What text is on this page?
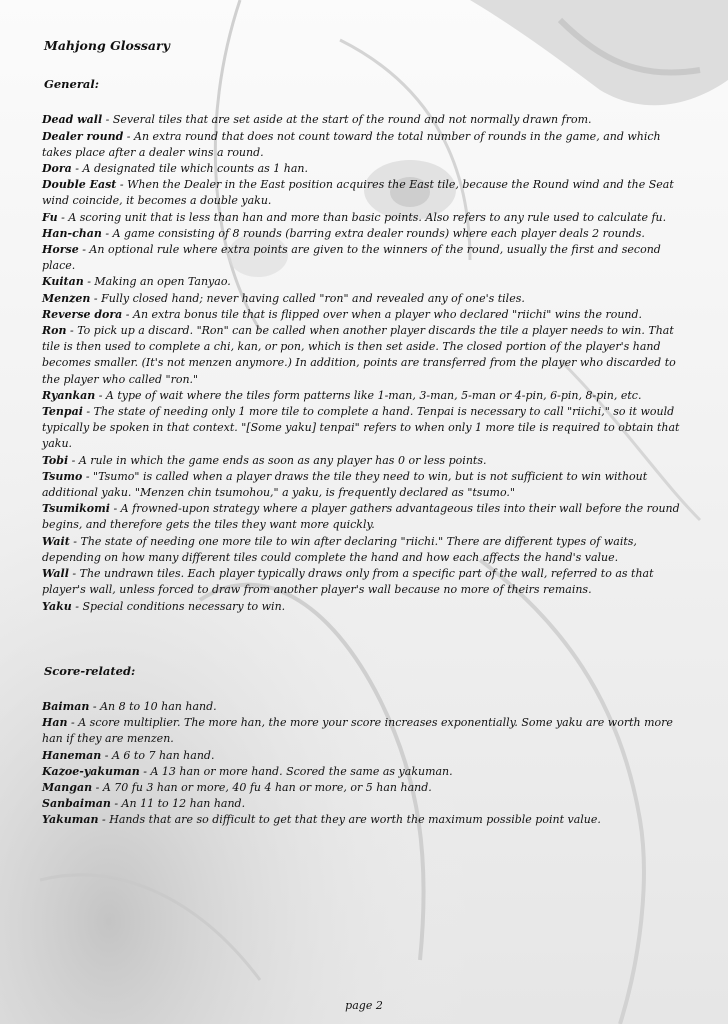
Mahjong Glossary
General:

Dead wall - Several tiles that are set aside at the start of the round and not normally drawn from.

Dealer round - An extra round that does not count toward the total number of rounds in the game, and which takes place after a dealer wins a round.

Dora - A designated tile which counts as 1 han.

Double East - When the Dealer in the East position acquires the East tile, because the Round wind and the Seat wind coincide, it becomes a double yaku.

Fu - A scoring unit that is less than han and more than basic points. Also refers to any rule used to calculate fu.

Han-chan - A game consisting of 8 rounds (barring extra dealer rounds) where each player deals 2 rounds.

Horse - An optional rule where extra points are given to the winners of the round, usually the first and second place.

Kuitan - Making an open Tanyao.

Menzen - Fully closed hand; never having called "ron" and revealed any of one's tiles.

Reverse dora - An extra bonus tile that is flipped over when a player who declared "riichi" wins the round.

Ron - To pick up a discard. "Ron" can be called when another player discards the tile a player needs to win. That tile is then used to complete a chi, kan, or pon, which is then set aside. The closed portion of the player's hand becomes smaller. (It's not menzen anymore.) In addition, points are transferred from the player who discarded to the player who called "ron."

Ryankan - A type of wait where the tiles form patterns like 1-man, 3-man, 5-man or 4-pin, 6-pin, 8-pin, etc.

Tenpai - The state of needing only 1 more tile to complete a hand. Tenpai is necessary to call "riichi," so it would typically be spoken in that context. "[Some yaku] tenpai" refers to when only 1 more tile is required to obtain that yaku.

Tobi - A rule in which the game ends as soon as any player has 0 or less points.

Tsumo - "Tsumo" is called when a player draws the tile they need to win, but is not sufficient to win without additional yaku. "Menzen chin tsumohou," a yaku, is frequently declared as "tsumo."

Tsumikomi - A frowned-upon strategy where a player gathers advantageous tiles into their wall before the round begins, and therefore gets the tiles they want more quickly.

Wait - The state of needing one more tile to win after declaring "riichi." There are different types of waits, depending on how many different tiles could complete the hand and how each affects the hand's value.

Wall - The undrawn tiles. Each player typically draws only from a specific part of the wall, referred to as that player's wall, unless forced to draw from another player's wall because no more of theirs remains.

Yaku - Special conditions necessary to win.

Score-related:

Baiman - An 8 to 10 han hand.

Han - A score multiplier. The more han, the more your score increases exponentially. Some yaku are worth more han if they are menzen.

Haneman - A 6 to 7 han hand.

Kazoe-yakuman - A 13 han or more hand. Scored the same as yakuman.

Mangan - A 70 fu 3 han or more, 40 fu 4 han or more, or 5 han hand.

Sanbaiman - An 11 to 12 han hand.

Yakuman - Hands that are so difficult to get that they are worth the maximum possible point value.

page 2
